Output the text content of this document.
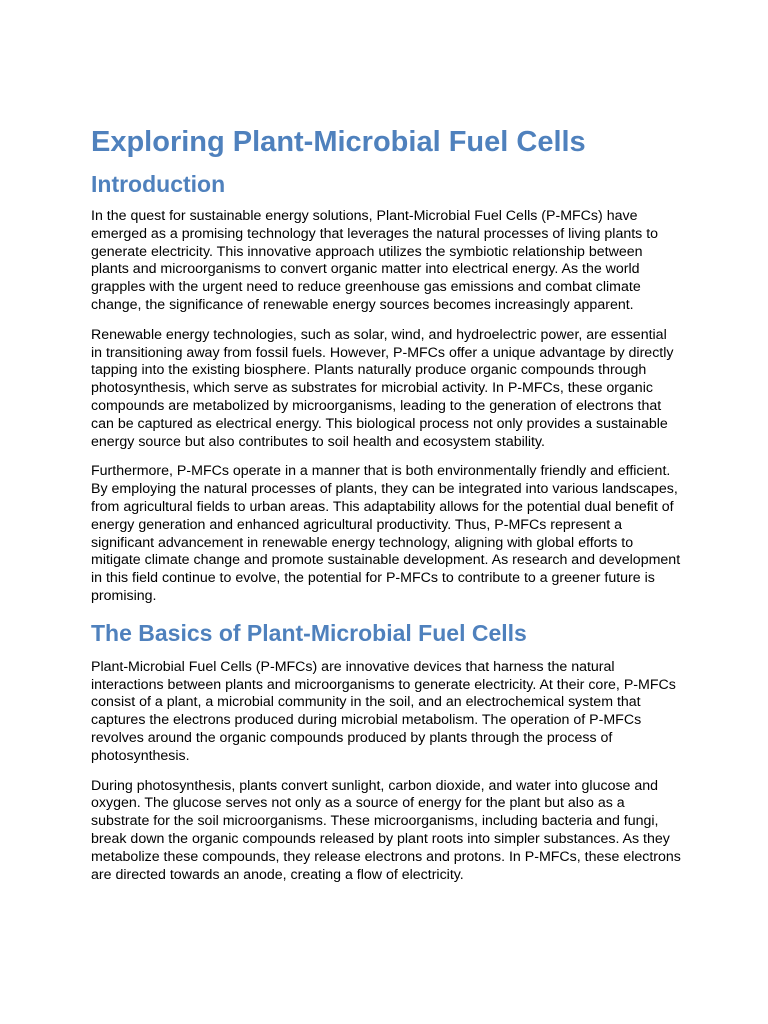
Exploring Plant-Microbial Fuel Cells
Introduction

In the quest for sustainable energy solutions, Plant-Microbial Fuel Cells (P-MFCs) have emerged as a promising technology that leverages the natural processes of living plants to generate electricity. This innovative approach utilizes the symbiotic relationship between plants and microorganisms to convert organic matter into electrical energy. As the world grapples with the urgent need to reduce greenhouse gas emissions and combat climate change, the significance of renewable energy sources becomes increasingly apparent.

Renewable energy technologies, such as solar, wind, and hydroelectric power, are essential in transitioning away from fossil fuels. However, P-MFCs offer a unique advantage by directly tapping into the existing biosphere. Plants naturally produce organic compounds through photosynthesis, which serve as substrates for microbial activity. In P-MFCs, these organic compounds are metabolized by microorganisms, leading to the generation of electrons that can be captured as electrical energy. This biological process not only provides a sustainable energy source but also contributes to soil health and ecosystem stability.

Furthermore, P-MFCs operate in a manner that is both environmentally friendly and efficient. By employing the natural processes of plants, they can be integrated into various landscapes, from agricultural fields to urban areas. This adaptability allows for the potential dual benefit of energy generation and enhanced agricultural productivity. Thus, P-MFCs represent a significant advancement in renewable energy technology, aligning with global efforts to mitigate climate change and promote sustainable development. As research and development in this field continue to evolve, the potential for P-MFCs to contribute to a greener future is promising.

The Basics of Plant-Microbial Fuel Cells

Plant-Microbial Fuel Cells (P-MFCs) are innovative devices that harness the natural interactions between plants and microorganisms to generate electricity. At their core, P-MFCs consist of a plant, a microbial community in the soil, and an electrochemical system that captures the electrons produced during microbial metabolism. The operation of P-MFCs revolves around the organic compounds produced by plants through the process of photosynthesis.

During photosynthesis, plants convert sunlight, carbon dioxide, and water into glucose and oxygen. The glucose serves not only as a source of energy for the plant but also as a substrate for the soil microorganisms. These microorganisms, including bacteria and fungi, break down the organic compounds released by plant roots into simpler substances. As they metabolize these compounds, they release electrons and protons. In P-MFCs, these electrons are directed towards an anode, creating a flow of electricity.
